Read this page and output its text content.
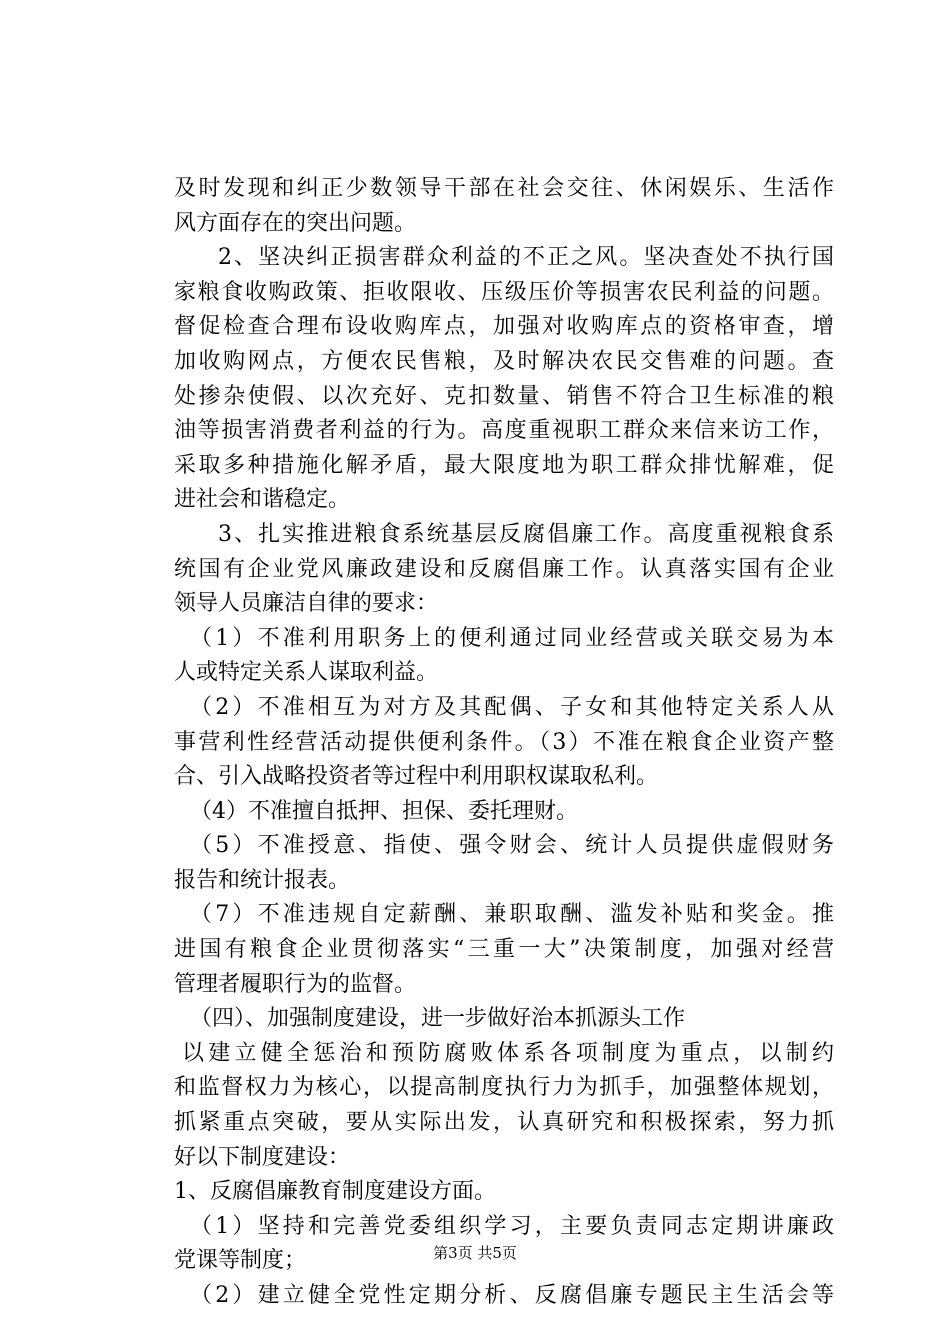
及时发现和纠正少数领导干部在社会交往、休闲娱乐、生活作
风方面存在的突出问题。
2、坚决纠正损害群众利益的不正之风。坚决查处不执行国
家粮食收购政策、拒收限收、压级压价等损害农民利益的问题。
督促检查合理布设收购库点，加强对收购库点的资格审查，增
加收购网点，方便农民售粮，及时解决农民交售难的问题。查
处掺杂使假、以次充好、克扣数量、销售不符合卫生标准的粮
油等损害消费者利益的行为。高度重视职工群众来信来访工作，
采取多种措施化解矛盾，最大限度地为职工群众排忧解难，促
进社会和谐稳定。
3、扎实推进粮食系统基层反腐倡廉工作。高度重视粮食系
统国有企业党风廉政建设和反腐倡廉工作。认真落实国有企业
领导人员廉洁自律的要求：
（1）不准利用职务上的便利通过同业经营或关联交易为本
人或特定关系人谋取利益。
（2）不准相互为对方及其配偶、子女和其他特定关系人从
事营利性经营活动提供便利条件。（3）不准在粮食企业资产整
合、引入战略投资者等过程中利用职权谋取私利。
（4）不准擅自抵押、担保、委托理财。
（5）不准授意、指使、强令财会、统计人员提供虚假财务
报告和统计报表。
（7）不准违规自定薪酬、兼职取酬、滥发补贴和奖金。推
进国有粮食企业贯彻落实“三重一大”决策制度，加强对经营
管理者履职行为的监督。
（四）、加强制度建设，进一步做好治本抓源头工作
以建立健全惩治和预防腐败体系各项制度为重点，以制约
和监督权力为核心，以提高制度执行力为抓手，加强整体规划，
抓紧重点突破，要从实际出发，认真研究和积极探索，努力抓
好以下制度建设：
1、反腐倡廉教育制度建设方面。
（1）坚持和完善党委组织学习，主要负责同志定期讲廉政
党课等制度；
（2）建立健全党性定期分析、反腐倡廉专题民主生活会等
第3页 共5页
